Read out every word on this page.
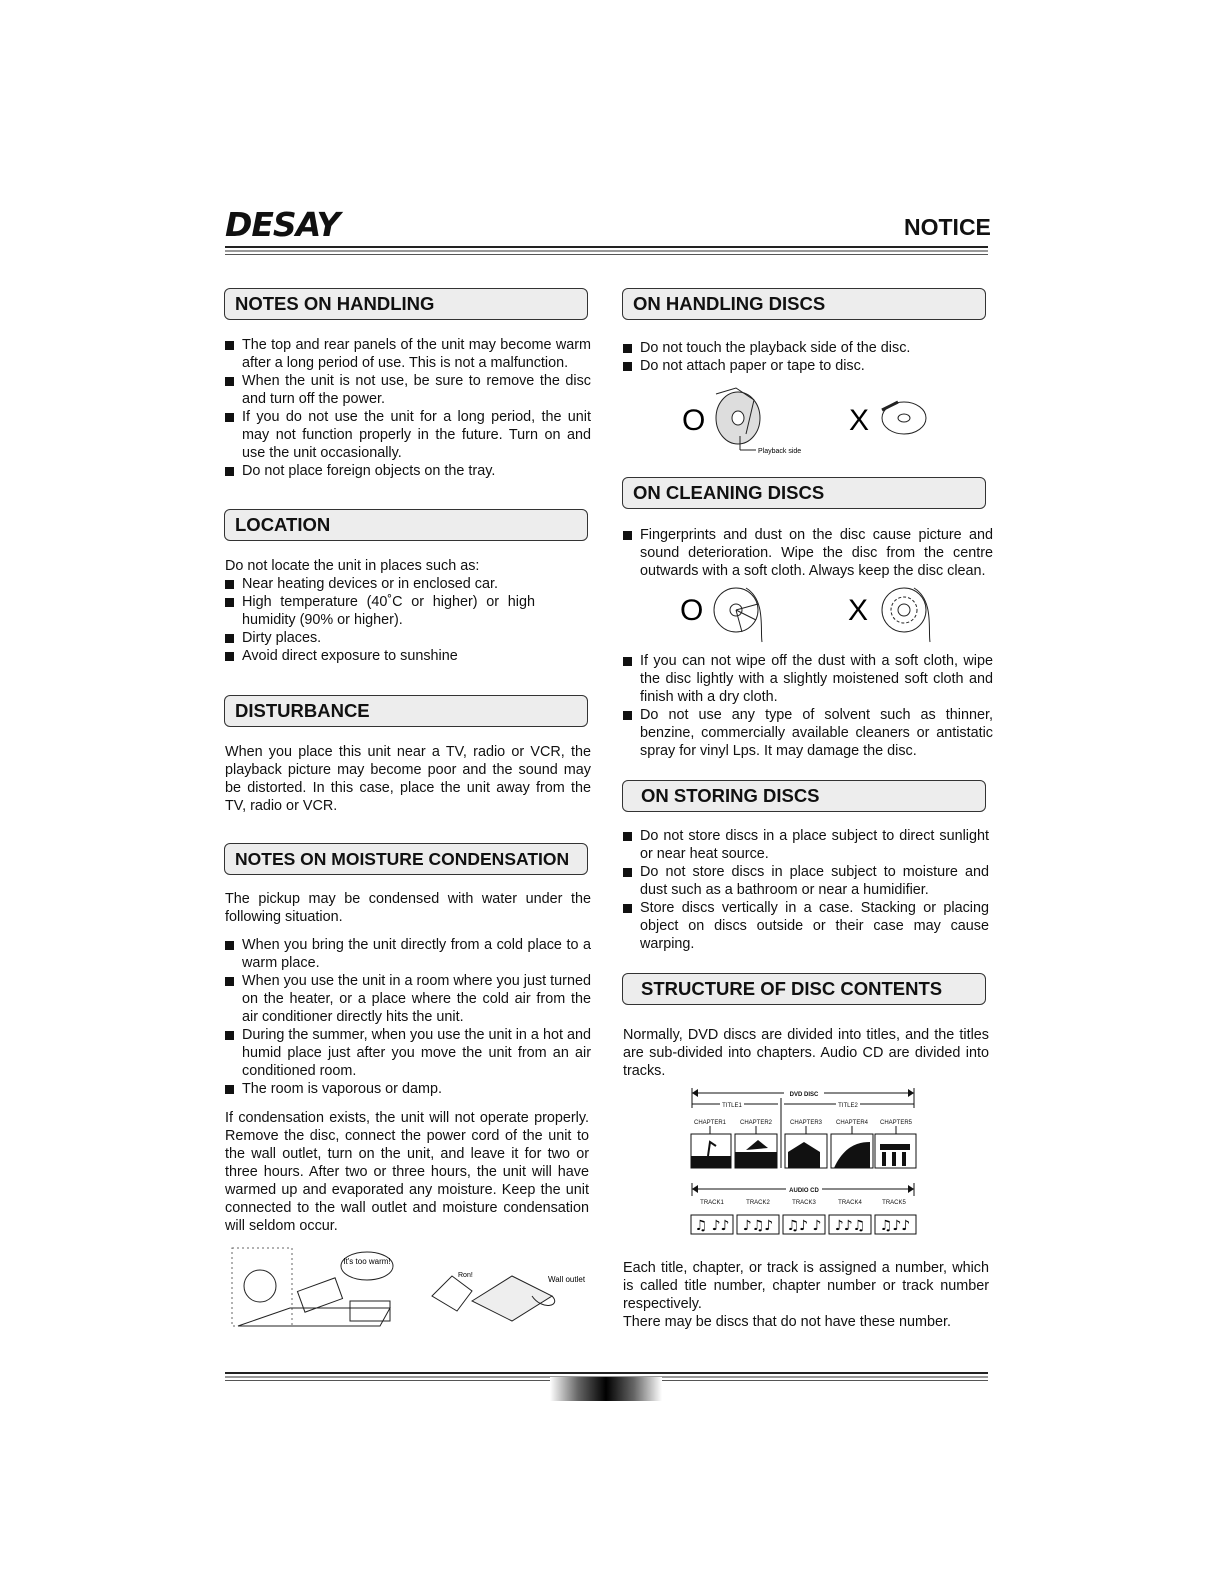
DESAY	NOTICE
NOTES ON HANDLING
The top and rear panels of the unit may become warm after a long period of use. This is not a malfunction.
When the unit is not use, be sure to remove the disc and turn off the power.
If you do not use the unit for a long period, the unit may not function properly in the future. Turn on and use the unit occasionally.
Do not place foreign objects on the tray.
LOCATION

Do not locate the unit in places such as:

Near heating devices or in enclosed car.
High temperature (40˚C or higher) or high humidity (90% or higher).
Dirty places.
Avoid direct exposure to sunshine
DISTURBANCE

When you place this unit near a TV, radio or VCR, the playback picture may become poor and the sound may be distorted. In this case, place the unit away from the TV, radio or VCR.

NOTES ON MOISTURE CONDENSATION

The pickup may be condensed with water under the following situation.

When you bring the unit directly from a cold place to a warm place.
When you use the unit in a room where you just turned on the heater, or a place where the cold air from the air conditioner directly hits the unit.
During the summer, when you use the unit in a hot and humid place just after you move the unit from an air conditioned room.
The room is vaporous or damp.

If condensation exists, the unit will not operate properly. Remove the disc, connect the power cord of the unit to the wall outlet, turn on the unit, and leave it for two or three hours. After two or three hours, the unit will have warmed up and evaporated any moisture. Keep the unit connected to the wall outlet and moisture condensation will seldom occur.

It's too warm!
Ron!	Wall outlet
ON HANDLING DISCS
Do not touch the playback side of the disc.
Do not attach paper or tape to disc.
O
Playback side
X
ON CLEANING DISCS
Fingerprints and dust on the disc cause picture and sound deterioration. Wipe the disc from the centre outwards with a soft cloth. Always keep the disc clean.
O	X
If you can not wipe off the dust with a soft cloth, wipe the disc lightly with a slightly moistened soft cloth and finish with a dry cloth.
Do not use any type of solvent such as thinner, benzine, commercially available cleaners or antistatic spray for vinyl Lps. It may damage the disc.
ON STORING DISCS
Do not store discs in a place subject to direct sunlight or near heat source.
Do not store discs in place subject to moisture and dust such as a bathroom or near a humidifier.
Store discs vertically in a case. Stacking or placing object on discs outside or their case may cause warping.
STRUCTURE OF DISC CONTENTS

Normally, DVD discs are divided into titles, and the titles are sub-divided into chapters. Audio CD are divided into tracks.

DVD DISC
TITLE1	TITLE2
CHAPTER1 CHAPTER2	CHAPTER3 CHAPTER4 CHAPTER5
AUDIO CD
TRACK1	TRACK2	TRACK3	TRACK4	TRACK5
♫ ♪♪ ♪♫♪ ♫♪ ♪ ♪♪♫ ♫♪♪

Each title, chapter, or track is assigned a number, which is called title number, chapter number or track number respectively.

There may be discs that do not have these number.
